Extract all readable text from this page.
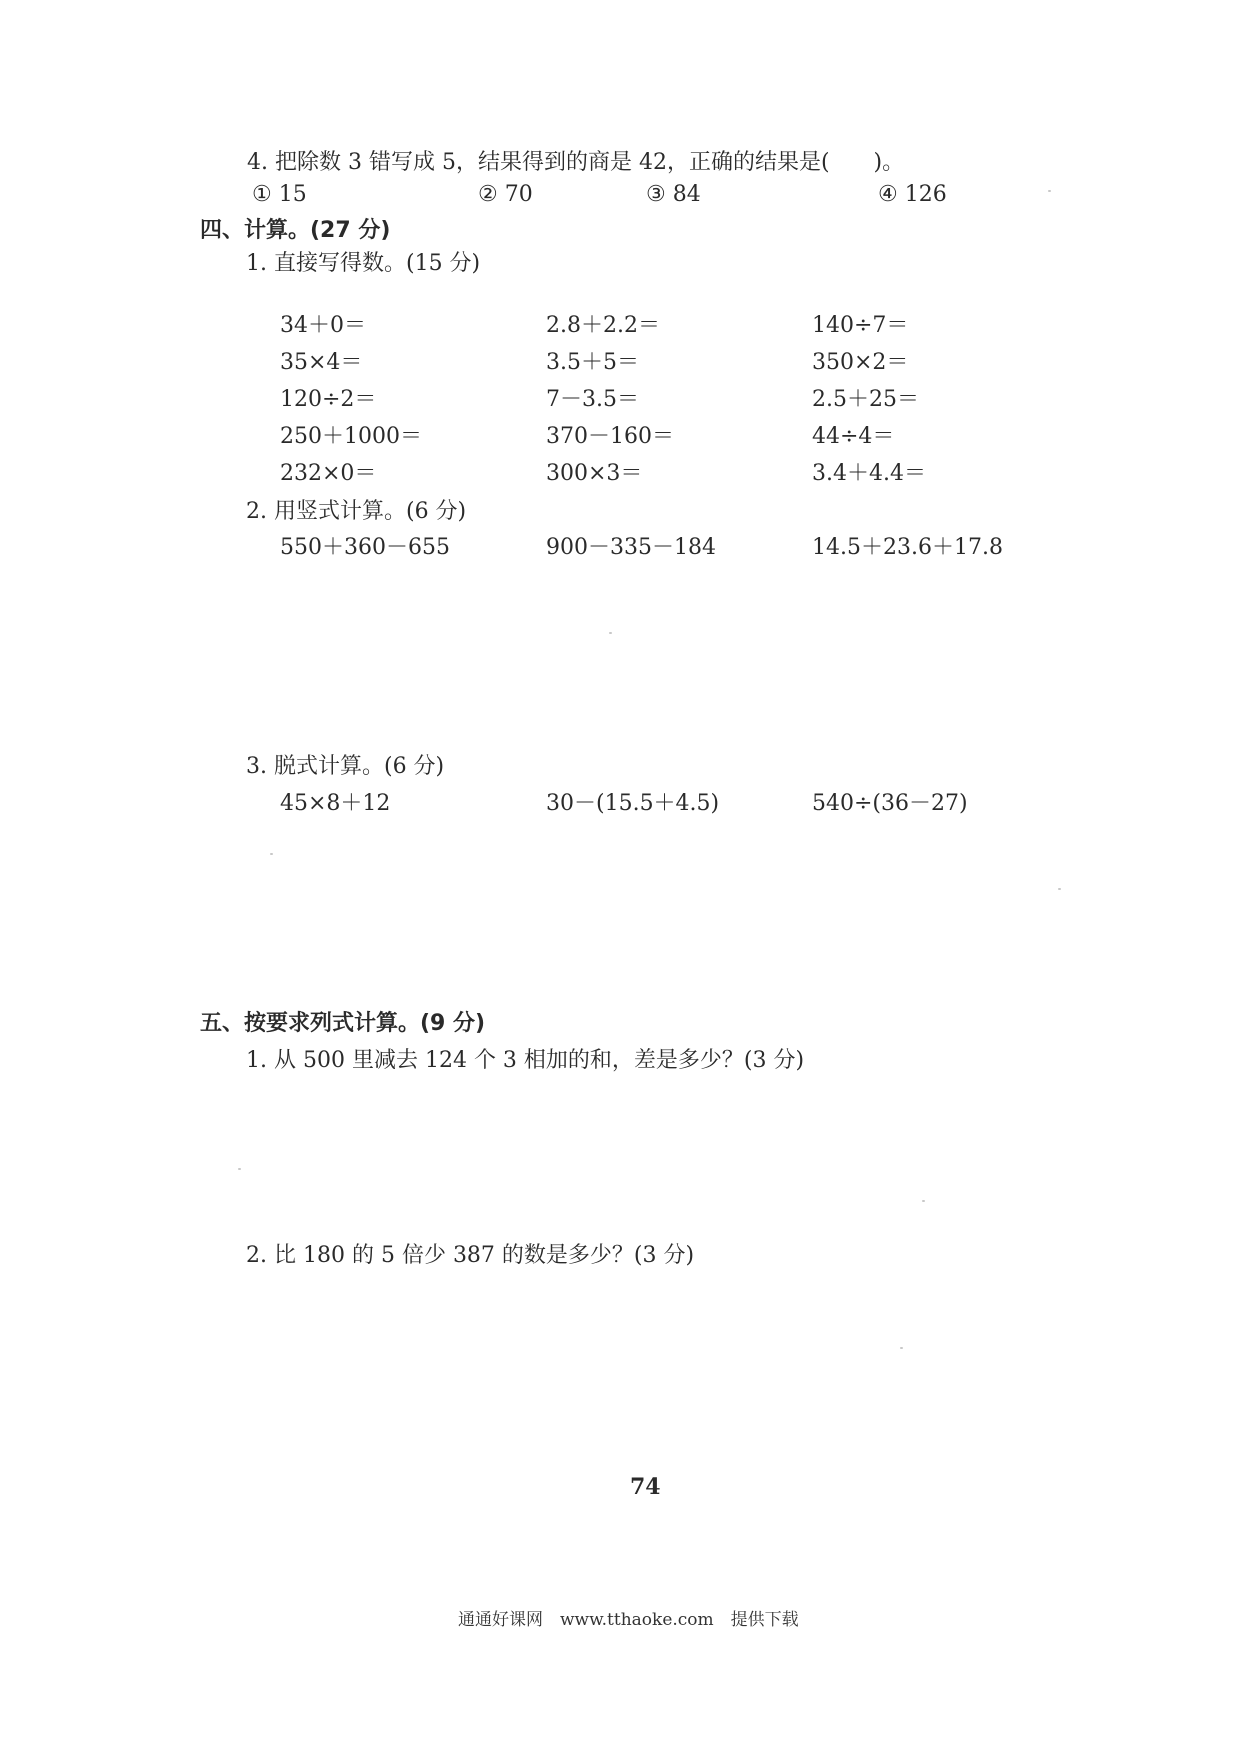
4. 把除数 3 错写成 5，结果得到的商是 42，正确的结果是(　　)。
① 15	② 70	③ 84	④ 126
四、计算。(27 分)
1. 直接写得数。(15 分)
34＋0＝	2.8＋2.2＝	140÷7＝
35×4＝	3.5＋5＝	350×2＝
120÷2＝	7－3.5＝	2.5＋25＝
250＋1000＝	370－160＝	44÷4＝
232×0＝	300×3＝	3.4＋4.4＝
2. 用竖式计算。(6 分)
550＋360－655	900－335－184	14.5＋23.6＋17.8
3. 脱式计算。(6 分)
45×8＋12	30－(15.5＋4.5)	540÷(36－27)
五、按要求列式计算。(9 分)
1. 从 500 里减去 124 个 3 相加的和，差是多少？(3 分)
2. 比 180 的 5 倍少 387 的数是多少？(3 分)
74
通通好课网　www.tthaoke.com　提供下载
